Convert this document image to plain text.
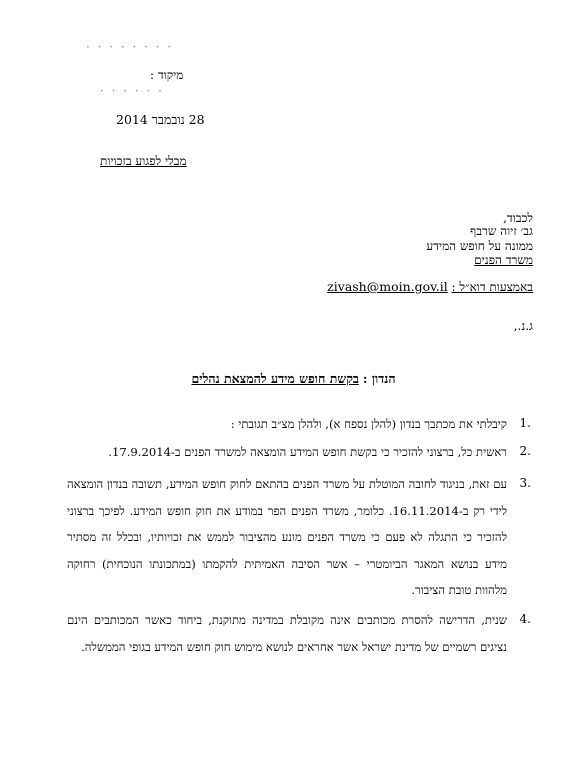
· · · · · · · ·
מיקוד :
· · · · · ·
28 נובמבר 2014
מבלי לפגוע בזכויות
לכבוד,
גב׳ זיוה שרבף
ממונה על חופש המידע
משרד הפנים
באמצעות דוא״ל : zivash@moin.gov.il
ג.נ.,
הנדון : בקשת חופש מידע להמצאת נהלים
1.
קיבלתי את מכתבך בנדון (להלן נספח א), ולהלן מצ״ב תגובתי :
2.
ראשית כל, ברצוני להזכיר כי בקשת חופש המידע הומצאה למשרד הפנים ב-17.9.2014.
3.
עם זאת, בניגוד לחובה המוטלת על משרד הפנים בהתאם לחוק חופש המידע, תשובה בנדון הומצאה לידי רק ב-16.11.2014. כלומר, משרד הפנים הפר במודע את חוק חופש המידע. לפיכך ברצוני להזכיר כי התגלה לא פעם כי משרד הפנים מונע מהציבור לממש את זכויותיו, ובכלל זה מסתיר מידע בנושא המאגר הביומטרי – אשר הסיבה האמיתית להקמתו (במתכונתו הנוכחית) רחוקה מלהוות טובת הציבור.
4.
שנית, הדרישה להסרת מכותבים אינה מקובלת במדינה מתוקנת, ביחוד כאשר המכותבים הינם נציגים רשמיים של מדינת ישראל אשר אחראים לנושא מימוש חוק חופש המידע בגופי הממשלה.
